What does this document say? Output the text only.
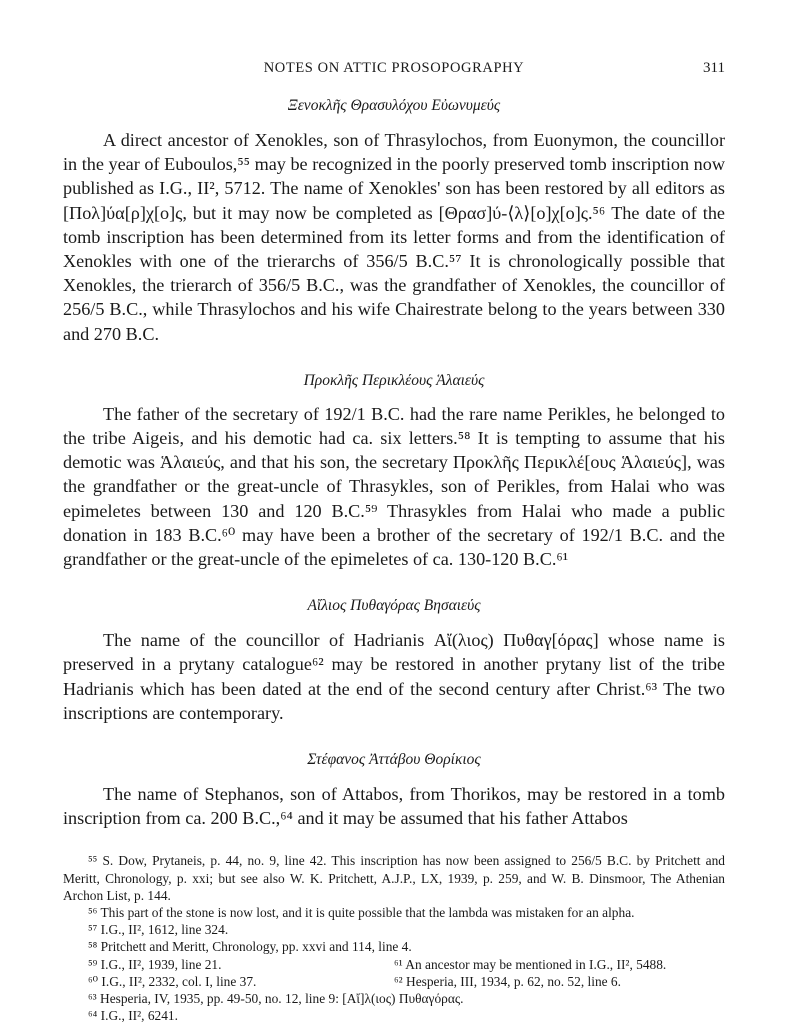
NOTES ON ATTIC PROSOPOGRAPHY	311
Ξενοκλῆς Θρασυλόχου Εὐωνυμεύς

A direct ancestor of Xenokles, son of Thrasylochos, from Euonymon, the councillor in the year of Euboulos,⁵⁵ may be recognized in the poorly preserved tomb inscription now published as I.G., II², 5712. The name of Xenokles' son has been restored by all editors as [Πολ]ύα[ρ]χ[ο]ς, but it may now be completed as [Θρασ]ύ-⟨λ⟩[ο]χ[ο]ς.⁵⁶ The date of the tomb inscription has been determined from its letter forms and from the identification of Xenokles with one of the trierarchs of 356/5 B.C.⁵⁷ It is chronologically possible that Xenokles, the trierarch of 356/5 B.C., was the grandfather of Xenokles, the councillor of 256/5 B.C., while Thrasylochos and his wife Chairestrate belong to the years between 330 and 270 B.C.

Προκλῆς Περικλέους Ἁλαιεύς

The father of the secretary of 192/1 B.C. had the rare name Perikles, he belonged to the tribe Aigeis, and his demotic had ca. six letters.⁵⁸ It is tempting to assume that his demotic was Ἁλαιεύς, and that his son, the secretary Προκλῆς Περικλέ[ους Ἁλαιεύς], was the grandfather or the great-uncle of Thrasykles, son of Perikles, from Halai who was epimeletes between 130 and 120 B.C.⁵⁹ Thrasykles from Halai who made a public donation in 183 B.C.⁶⁰ may have been a brother of the secretary of 192/1 B.C. and the grandfather or the great-uncle of the epimeletes of ca. 130-120 B.C.⁶¹

Αἴλιος Πυθαγόρας Βησαιεύς

The name of the councillor of Hadrianis Αἴ(λιος) Πυθαγ[όρας] whose name is preserved in a prytany catalogue⁶² may be restored in another prytany list of the tribe Hadrianis which has been dated at the end of the second century after Christ.⁶³ The two inscriptions are contemporary.

Στέφανος Ἀττάβου Θορίκιος

The name of Stephanos, son of Attabos, from Thorikos, may be restored in a tomb inscription from ca. 200 B.C.,⁶⁴ and it may be assumed that his father Attabos

⁵⁵ S. Dow, Prytaneis, p. 44, no. 9, line 42. This inscription has now been assigned to 256/5 B.C. by Pritchett and Meritt, Chronology, p. xxi; but see also W. K. Pritchett, A.J.P., LX, 1939, p. 259, and W. B. Dinsmoor, The Athenian Archon List, p. 144.
⁵⁶ This part of the stone is now lost, and it is quite possible that the lambda was mistaken for an alpha.
⁵⁷ I.G., II², 1612, line 324.
⁵⁸ Pritchett and Meritt, Chronology, pp. xxvi and 114, line 4.
⁵⁹ I.G., II², 1939, line 21.	⁶¹ An ancestor may be mentioned in I.G., II², 5488.
⁶⁰ I.G., II², 2332, col. I, line 37.	⁶² Hesperia, III, 1934, p. 62, no. 52, line 6.
⁶³ Hesperia, IV, 1935, pp. 49-50, no. 12, line 9: [Αἴ]λ(ιος) Πυθαγόρας.
⁶⁴ I.G., II², 6241.
